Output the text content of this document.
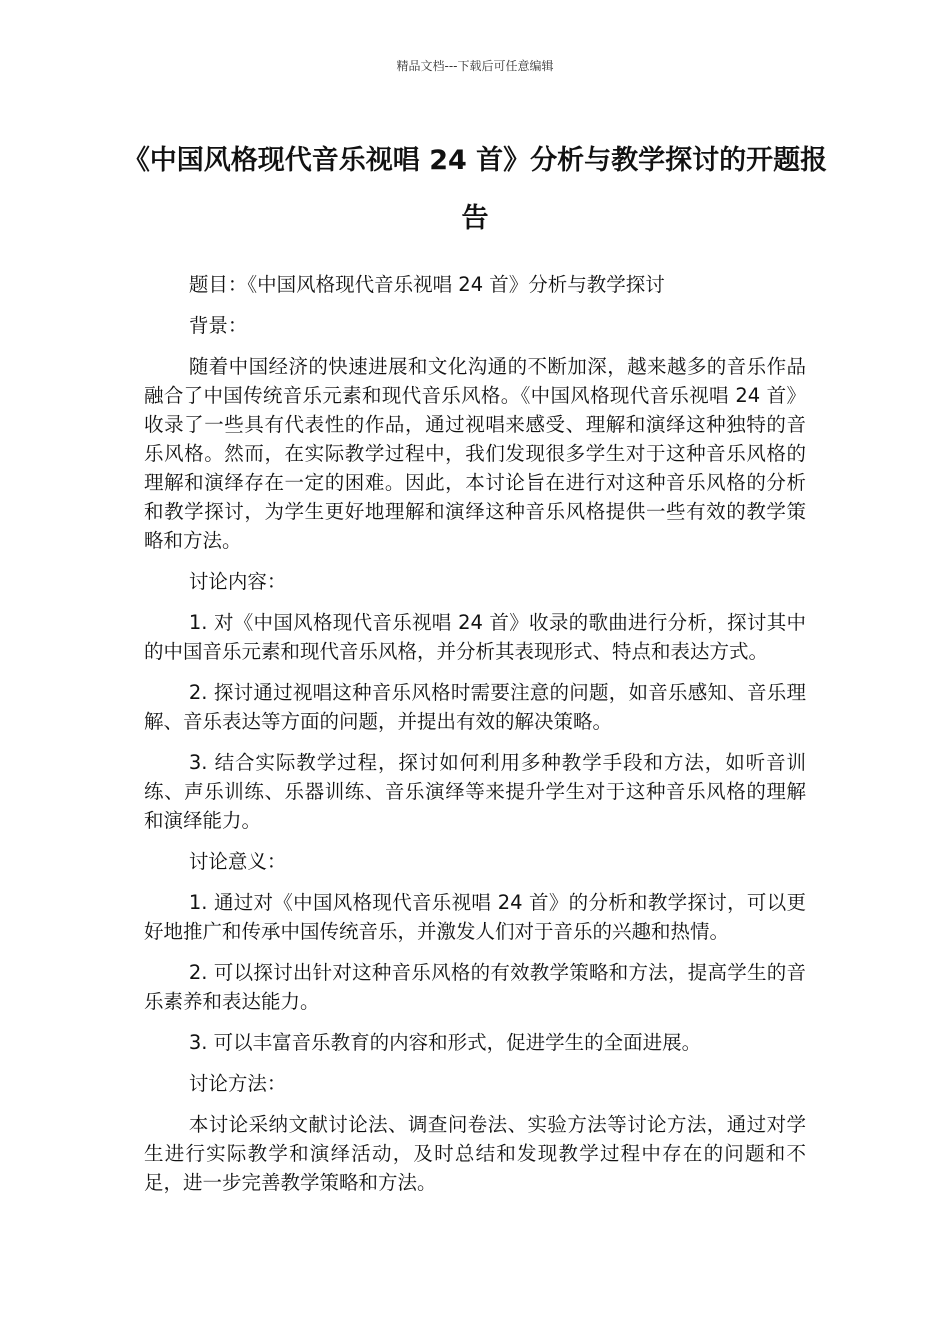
精品文档---下载后可任意编辑
《中国风格现代音乐视唱 24 首》分析与教学探讨的开题报告

题目：《中国风格现代音乐视唱 24 首》分析与教学探讨

背景：

随着中国经济的快速进展和文化沟通的不断加深，越来越多的音乐作品融合了中国传统音乐元素和现代音乐风格。《中国风格现代音乐视唱 24 首》收录了一些具有代表性的作品，通过视唱来感受、理解和演绎这种独特的音乐风格。然而，在实际教学过程中，我们发现很多学生对于这种音乐风格的理解和演绎存在一定的困难。因此，本讨论旨在进行对这种音乐风格的分析和教学探讨，为学生更好地理解和演绎这种音乐风格提供一些有效的教学策略和方法。

讨论内容：

1. 对《中国风格现代音乐视唱 24 首》收录的歌曲进行分析，探讨其中的中国音乐元素和现代音乐风格，并分析其表现形式、特点和表达方式。

2. 探讨通过视唱这种音乐风格时需要注意的问题，如音乐感知、音乐理解、音乐表达等方面的问题，并提出有效的解决策略。

3. 结合实际教学过程，探讨如何利用多种教学手段和方法，如听音训练、声乐训练、乐器训练、音乐演绎等来提升学生对于这种音乐风格的理解和演绎能力。

讨论意义：

1. 通过对《中国风格现代音乐视唱 24 首》的分析和教学探讨，可以更好地推广和传承中国传统音乐，并激发人们对于音乐的兴趣和热情。

2. 可以探讨出针对这种音乐风格的有效教学策略和方法，提高学生的音乐素养和表达能力。

3. 可以丰富音乐教育的内容和形式，促进学生的全面进展。

讨论方法：

本讨论采纳文献讨论法、调查问卷法、实验方法等讨论方法，通过对学生进行实际教学和演绎活动，及时总结和发现教学过程中存在的问题和不足，进一步完善教学策略和方法。
